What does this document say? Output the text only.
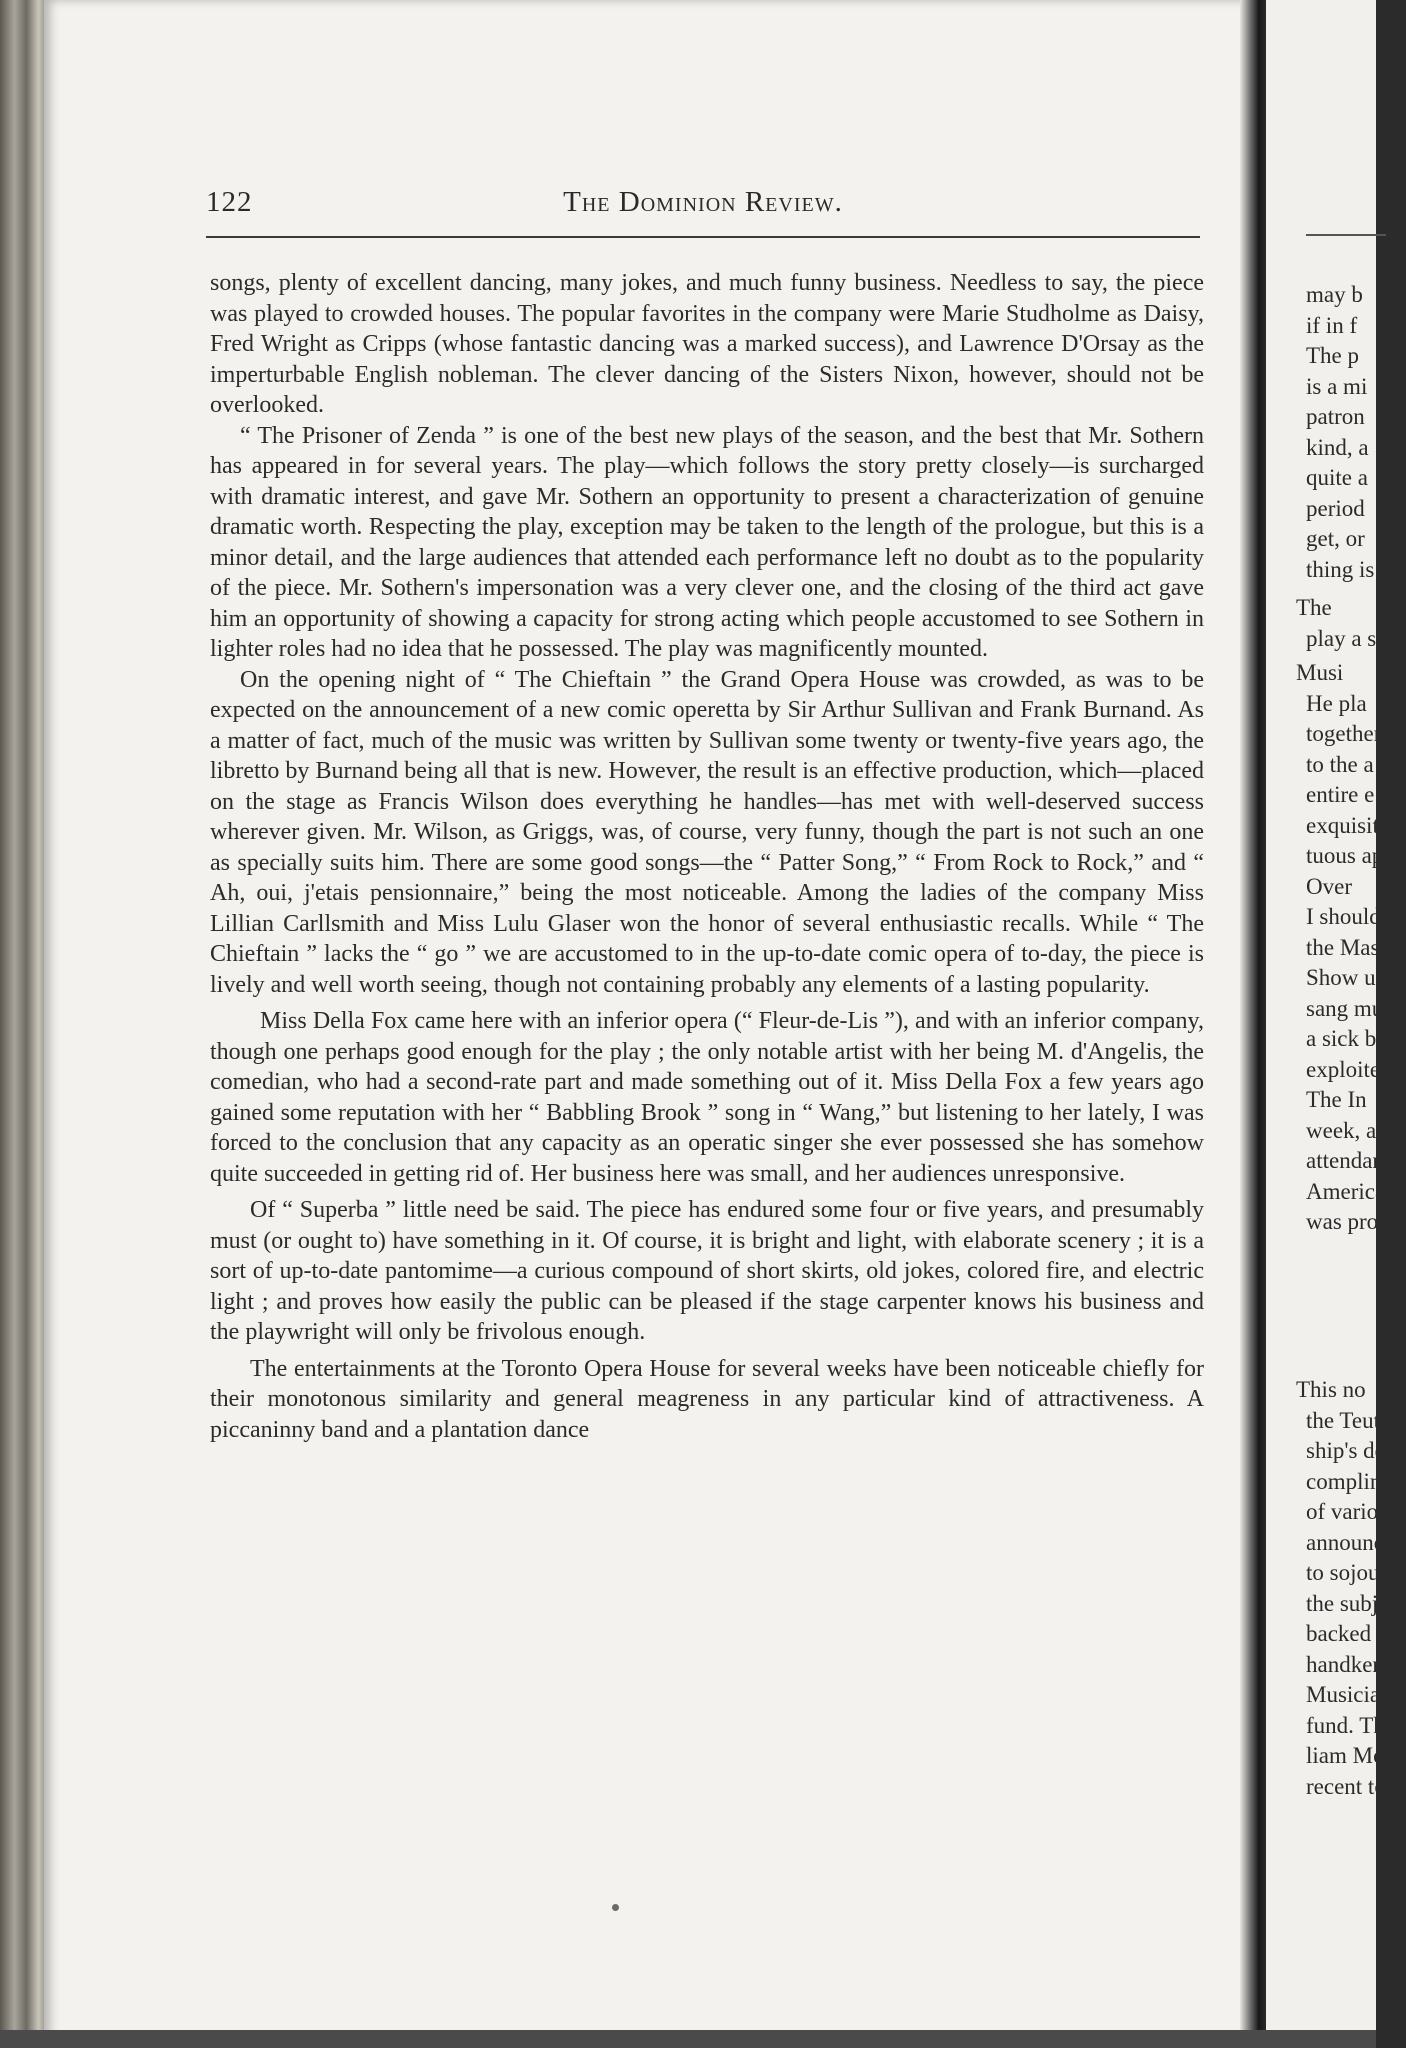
122	The Dominion Review.

songs, plenty of excellent dancing, many jokes, and much funny business. Needless to say, the piece was played to crowded houses. The popular favorites in the company were Marie Studholme as Daisy, Fred Wright as Cripps (whose fantastic dancing was a marked success), and Lawrence D'Orsay as the imperturbable English nobleman. The clever dancing of the Sisters Nixon, however, should not be overlooked.

“ The Prisoner of Zenda ” is one of the best new plays of the season, and the best that Mr. Sothern has appeared in for several years. The play—which follows the story pretty closely—is surcharged with dramatic interest, and gave Mr. Sothern an opportunity to present a characterization of genuine dramatic worth. Respecting the play, exception may be taken to the length of the prologue, but this is a minor detail, and the large audiences that attended each performance left no doubt as to the popularity of the piece. Mr. Sothern's impersonation was a very clever one, and the closing of the third act gave him an opportunity of showing a capacity for strong acting which people accustomed to see Sothern in lighter roles had no idea that he possessed. The play was magnificently mounted.

On the opening night of “ The Chieftain ” the Grand Opera House was crowded, as was to be expected on the announcement of a new comic operetta by Sir Arthur Sullivan and Frank Burnand. As a matter of fact, much of the music was written by Sullivan some twenty or twenty-five years ago, the libretto by Burnand being all that is new. However, the result is an effective production, which—placed on the stage as Francis Wilson does everything he handles—has met with well-deserved success wherever given. Mr. Wilson, as Griggs, was, of course, very funny, though the part is not such an one as specially suits him. There are some good songs—the “ Patter Song,” “ From Rock to Rock,” and “ Ah, oui, j'etais pensionnaire,” being the most noticeable. Among the ladies of the company Miss Lillian Carllsmith and Miss Lulu Glaser won the honor of several enthusiastic recalls. While “ The Chieftain ” lacks the “ go ” we are accustomed to in the up-to-date comic opera of to-day, the piece is lively and well worth seeing, though not containing probably any elements of a lasting popularity.

Miss Della Fox came here with an inferior opera (“ Fleur-de-Lis ”), and with an inferior company, though one perhaps good enough for the play ; the only notable artist with her being M. d'Angelis, the comedian, who had a second-rate part and made something out of it. Miss Della Fox a few years ago gained some reputation with her “ Babbling Brook ” song in “ Wang,” but listening to her lately, I was forced to the conclusion that any capacity as an operatic singer she ever possessed she has somehow quite succeeded in getting rid of. Her business here was small, and her audiences unresponsive.

Of “ Superba ” little need be said. The piece has endured some four or five years, and presumably must (or ought to) have something in it. Of course, it is bright and light, with elaborate scenery ; it is a sort of up-to-date pantomime—a curious compound of short skirts, old jokes, colored fire, and electric light ; and proves how easily the public can be pleased if the stage carpenter knows his business and the playwright will only be frivolous enough.

The entertainments at the Toronto Opera House for several weeks have been noticeable chiefly for their monotonous similarity and general meagreness in any particular kind of attractiveness. A piccaninny band and a plantation dance

may b
if in f
The p
is a mi
patron
kind, a
quite a
period
get, or
thing is
The
play a s
Musi
He pla
together
to the a
entire e
exquisite
tuous ap
Over
I should
the Mass
Show un
sang mu
a sick be
exploited
The In
week, as
attendanc
America
was proba
This no
the Teuto
ship's dec
complime
of various
announced
to sojourn
the subjec
backed ou
handkerch
Musicians
fund. Th
liam Moso
recent tou
